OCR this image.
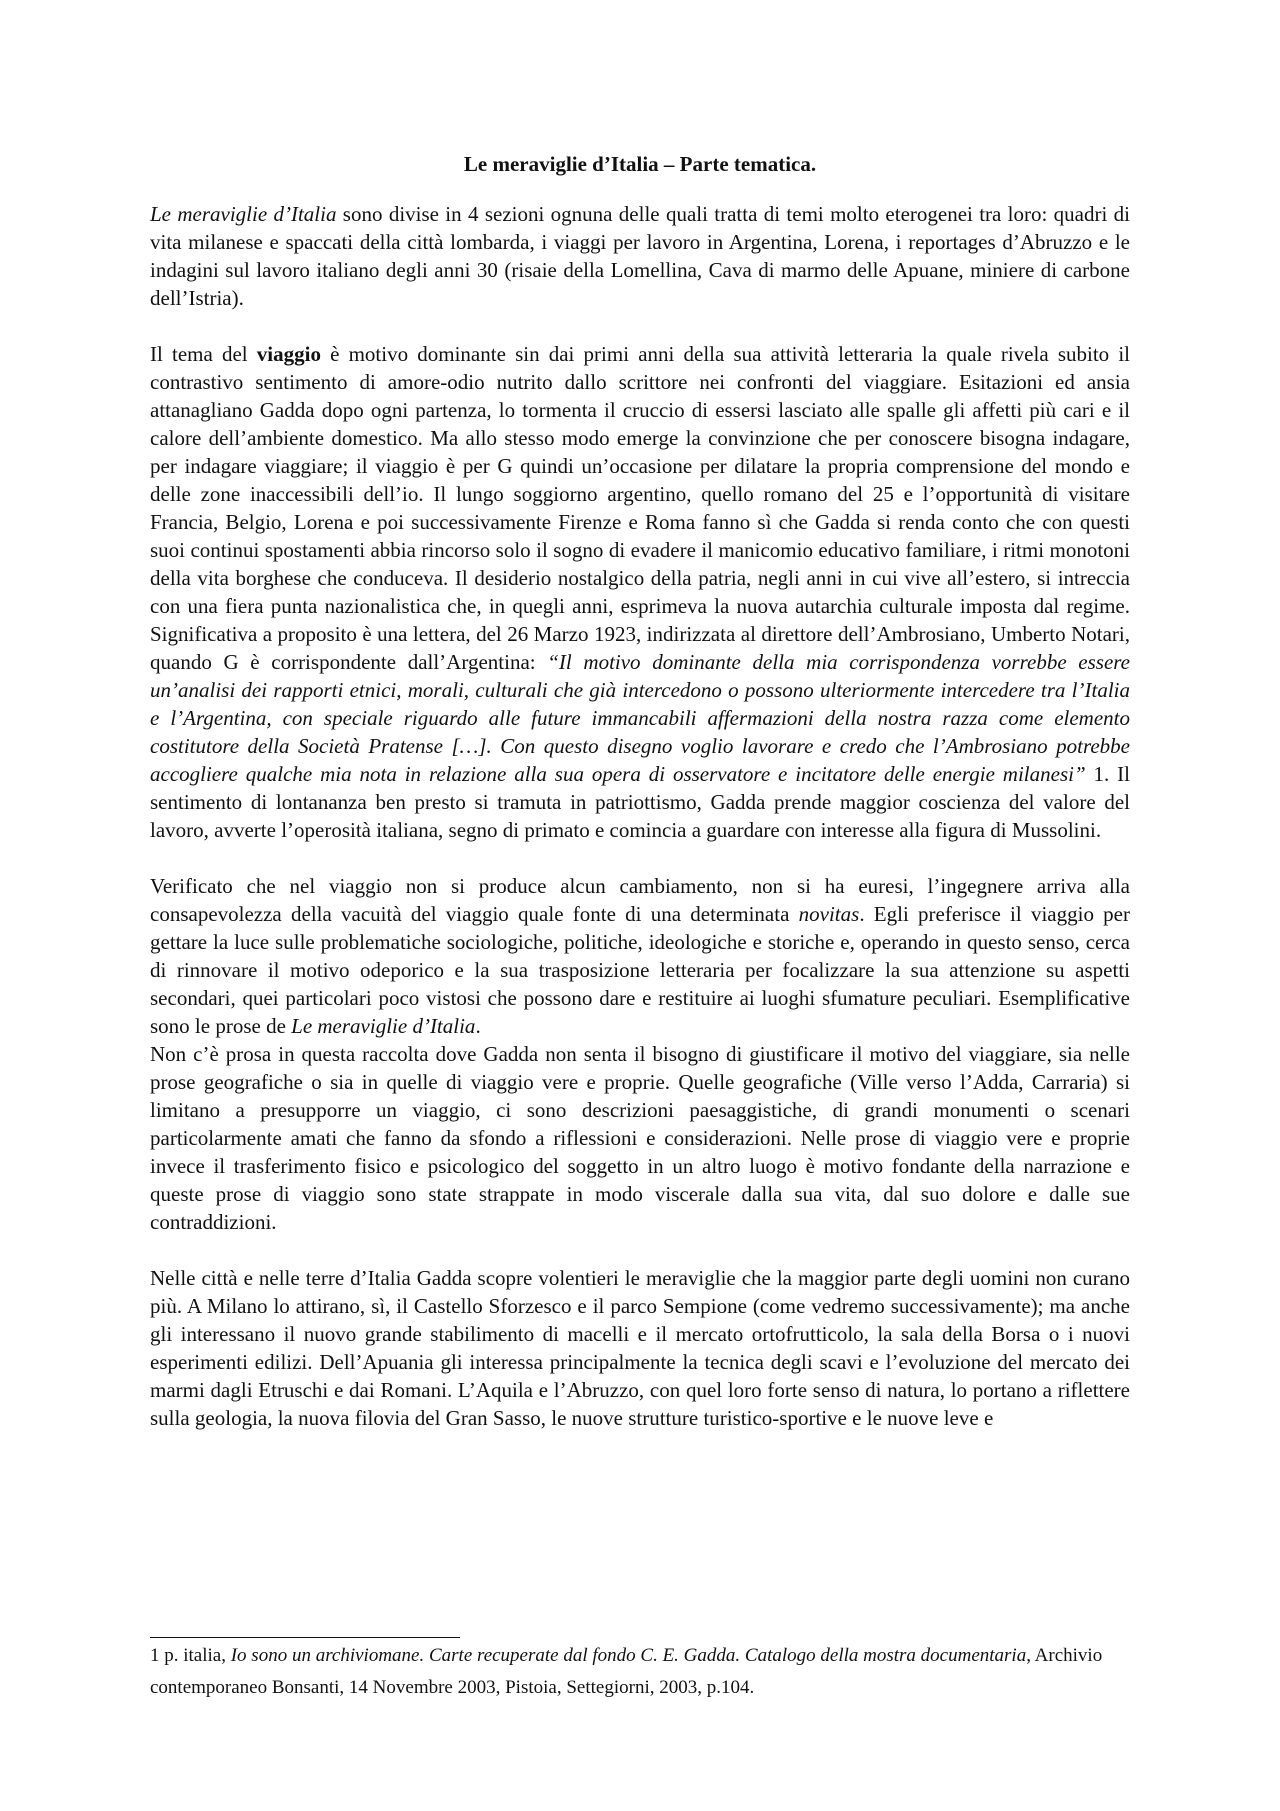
Le meraviglie d’Italia – Parte tematica.

Le meraviglie d’Italia sono divise in 4 sezioni ognuna delle quali tratta di temi molto eterogenei tra loro: quadri di vita milanese e spaccati della città lombarda, i viaggi per lavoro in Argentina, Lorena, i reportages d’Abruzzo e le indagini sul lavoro italiano degli anni 30 (risaie della Lomellina, Cava di marmo delle Apuane, miniere di carbone dell’Istria).

Il tema del viaggio è motivo dominante sin dai primi anni della sua attività letteraria la quale rivela subito il contrastivo sentimento di amore-odio nutrito dallo scrittore nei confronti del viaggiare. Esitazioni ed ansia attanagliano Gadda dopo ogni partenza, lo tormenta il cruccio di essersi lasciato alle spalle gli affetti più cari e il calore dell’ambiente domestico. Ma allo stesso modo emerge la convinzione che per conoscere bisogna indagare, per indagare viaggiare; il viaggio è per G quindi un’occasione per dilatare la propria comprensione del mondo e delle zone inaccessibili dell’io. Il lungo soggiorno argentino, quello romano del 25 e l’opportunità di visitare Francia, Belgio, Lorena e poi successivamente Firenze e Roma fanno sì che Gadda si renda conto che con questi suoi continui spostamenti abbia rincorso solo il sogno di evadere il manicomio educativo familiare, i ritmi monotoni della vita borghese che conduceva. Il desiderio nostalgico della patria, negli anni in cui vive all’estero, si intreccia con una fiera punta nazionalistica che, in quegli anni, esprimeva la nuova autarchia culturale imposta dal regime. Significativa a proposito è una lettera, del 26 Marzo 1923, indirizzata al direttore dell’Ambrosiano, Umberto Notari, quando G è corrispondente dall’Argentina: “Il motivo dominante della mia corrispondenza vorrebbe essere un’analisi dei rapporti etnici, morali, culturali che già intercedono o possono ulteriormente intercedere tra l’Italia e l’Argentina, con speciale riguardo alle future immancabili affermazioni della nostra razza come elemento costitutore della Società Pratense […]. Con questo disegno voglio lavorare e credo che l’Ambrosiano potrebbe accogliere qualche mia nota in relazione alla sua opera di osservatore e incitatore delle energie milanesi” 1. Il sentimento di lontananza ben presto si tramuta in patriottismo, Gadda prende maggior coscienza del valore del lavoro, avverte l’operosità italiana, segno di primato e comincia a guardare con interesse alla figura di Mussolini.

Verificato che nel viaggio non si produce alcun cambiamento, non si ha euresi, l’ingegnere arriva alla consapevolezza della vacuità del viaggio quale fonte di una determinata novitas. Egli preferisce il viaggio per gettare la luce sulle problematiche sociologiche, politiche, ideologiche e storiche e, operando in questo senso, cerca di rinnovare il motivo odeporico e la sua trasposizione letteraria per focalizzare la sua attenzione su aspetti secondari, quei particolari poco vistosi che possono dare e restituire ai luoghi sfumature peculiari. Esemplificative sono le prose de Le meraviglie d’Italia.

Non c’è prosa in questa raccolta dove Gadda non senta il bisogno di giustificare il motivo del viaggiare, sia nelle prose geografiche o sia in quelle di viaggio vere e proprie. Quelle geografiche (Ville verso l’Adda, Carraria) si limitano a presupporre un viaggio, ci sono descrizioni paesaggistiche, di grandi monumenti o scenari particolarmente amati che fanno da sfondo a riflessioni e considerazioni. Nelle prose di viaggio vere e proprie invece il trasferimento fisico e psicologico del soggetto in un altro luogo è motivo fondante della narrazione e queste prose di viaggio sono state strappate in modo viscerale dalla sua vita, dal suo dolore e dalle sue contraddizioni.

Nelle città e nelle terre d’Italia Gadda scopre volentieri le meraviglie che la maggior parte degli uomini non curano più. A Milano lo attirano, sì, il Castello Sforzesco e il parco Sempione (come vedremo successivamente); ma anche gli interessano il nuovo grande stabilimento di macelli e il mercato ortofrutticolo, la sala della Borsa o i nuovi esperimenti edilizi. Dell’Apuania gli interessa principalmente la tecnica degli scavi e l’evoluzione del mercato dei marmi dagli Etruschi e dai Romani. L’Aquila e l’Abruzzo, con quel loro forte senso di natura, lo portano a riflettere sulla geologia, la nuova filovia del Gran Sasso, le nuove strutture turistico-sportive e le nuove leve e

1 p. italia, Io sono un archiviomane. Carte recuperate dal fondo C. E. Gadda. Catalogo della mostra documentaria, Archivio contemporaneo Bonsanti, 14 Novembre 2003, Pistoia, Settegiorni, 2003, p.104.
